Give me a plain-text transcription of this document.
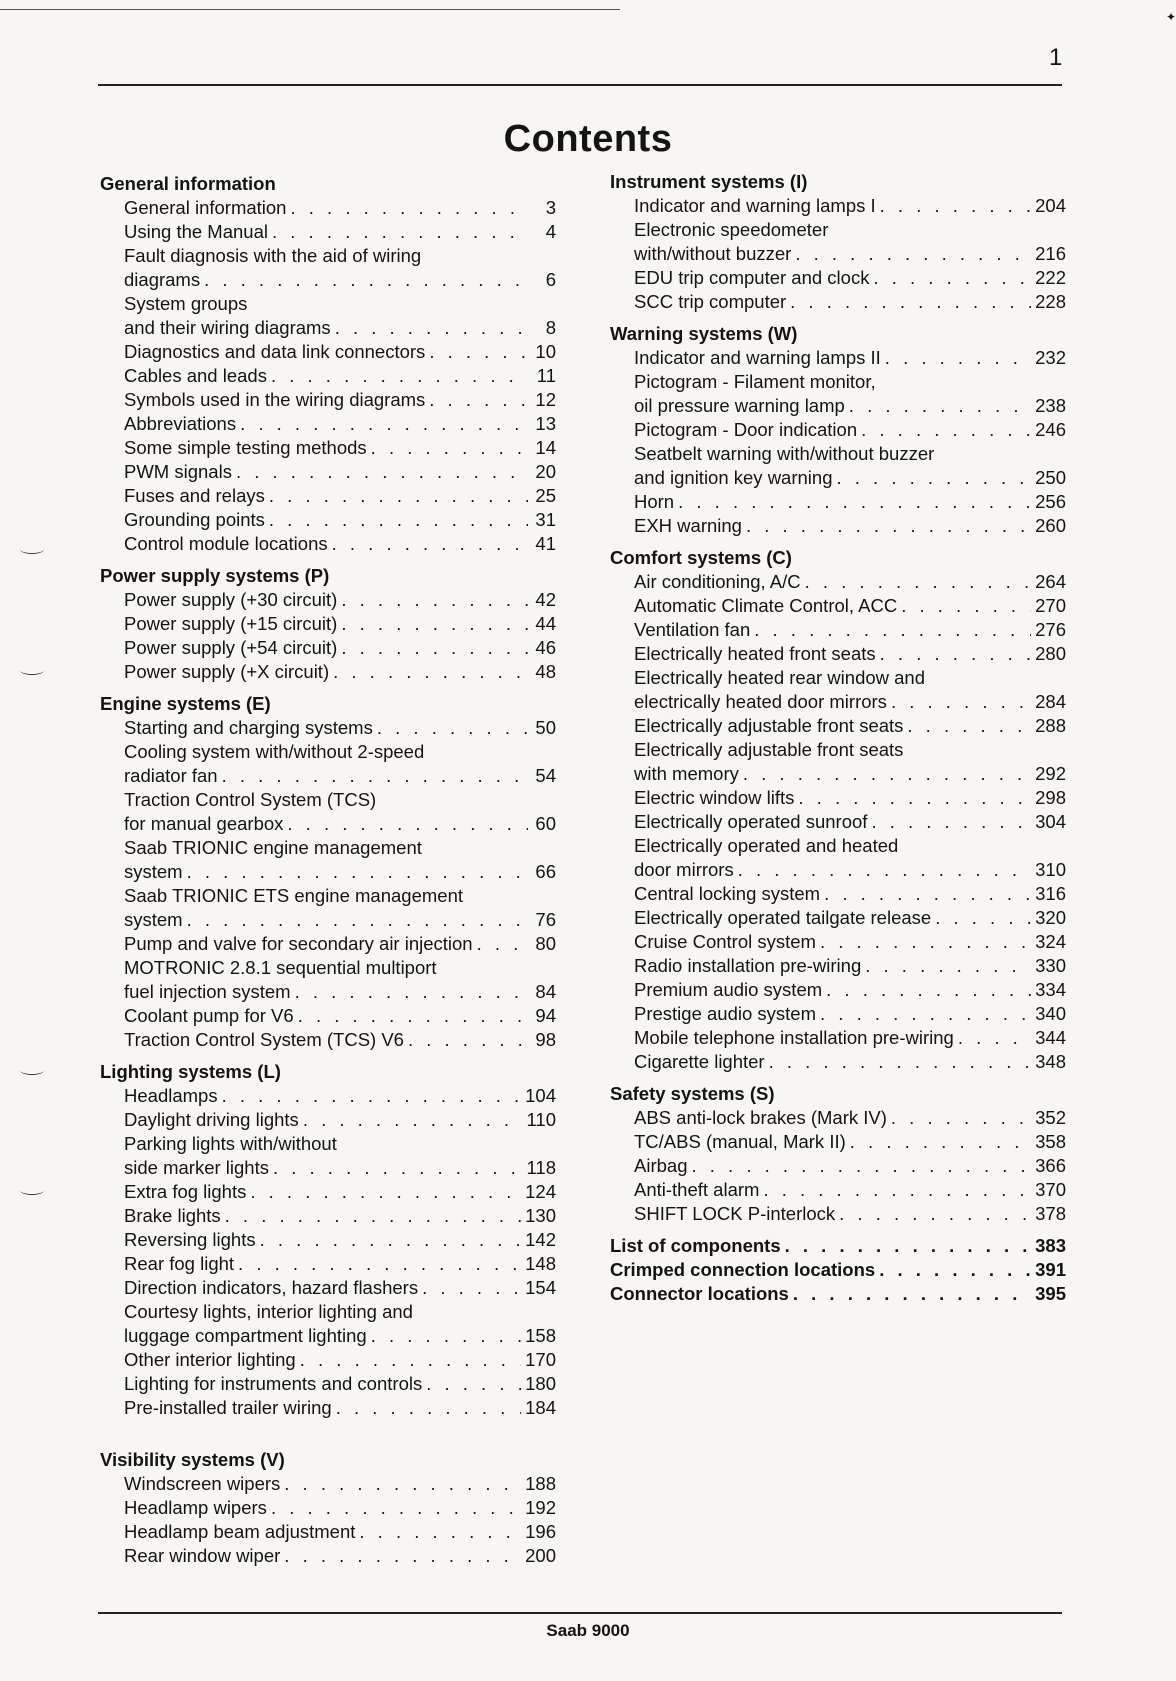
✦
1
Contents
General information
General information . . .	3
Using the Manual . . .	4
Fault diagnosis with the aid of wiring
diagrams . . .	6
System groups
and their wiring diagrams . . .	8
Diagnostics and data link connectors . . .	10
Cables and leads . . .	11
Symbols used in the wiring diagrams . . .	12
Abbreviations . . .	13
Some simple testing methods . . .	14
PWM signals . . .	20
Fuses and relays . . .	25
Grounding points . . .	31
Control module locations . . .	41
Power supply systems (P)
Power supply (+30 circuit) . . .	42
Power supply (+15 circuit) . . .	44
Power supply (+54 circuit) . . .	46
Power supply (+X circuit) . . .	48
Engine systems (E)
Starting and charging systems . . .	50
Cooling system with/without 2-speed
radiator fan . . .	54
Traction Control System (TCS)
for manual gearbox . . .	60
Saab TRIONIC engine management
system . . .	66
Saab TRIONIC ETS engine management
system . . .	76
Pump and valve for secondary air injection . . .	80
MOTRONIC 2.8.1 sequential multiport
fuel injection system . . .	84
Coolant pump for V6 . . .	94
Traction Control System (TCS) V6 . . .	98
Lighting systems (L)
Headlamps . . .	104
Daylight driving lights . . .	110
Parking lights with/without
side marker lights . . .	118
Extra fog lights . . .	124
Brake lights . . .	130
Reversing lights . . .	142
Rear fog light . . .	148
Direction indicators, hazard flashers . . .	154
Courtesy lights, interior lighting and
luggage compartment lighting . . .	158
Other interior lighting . . .	170
Lighting for instruments and controls . . .	180
Pre-installed trailer wiring . . .	184
Visibility systems (V)
Windscreen wipers . . .	188
Headlamp wipers . . .	192
Headlamp beam adjustment . . .	196
Rear window wiper . . .	200
Instrument systems (I)
Indicator and warning lamps I . . .	204
Electronic speedometer
with/without buzzer . . .	216
EDU trip computer and clock . . .	222
SCC trip computer . . .	228
Warning systems (W)
Indicator and warning lamps II . . .	232
Pictogram - Filament monitor,
oil pressure warning lamp . . .	238
Pictogram - Door indication . . .	246
Seatbelt warning with/without buzzer
and ignition key warning . . .	250
Horn . . .	256
EXH warning . . .	260
Comfort systems (C)
Air conditioning, A/C . . .	264
Automatic Climate Control, ACC . . .	270
Ventilation fan . . .	276
Electrically heated front seats . . .	280
Electrically heated rear window and
electrically heated door mirrors . . .	284
Electrically adjustable front seats . . .	288
Electrically adjustable front seats
with memory . . .	292
Electric window lifts . . .	298
Electrically operated sunroof . . .	304
Electrically operated and heated
door mirrors . . .	310
Central locking system . . .	316
Electrically operated tailgate release . . .	320
Cruise Control system . . .	324
Radio installation pre-wiring . . .	330
Premium audio system . . .	334
Prestige audio system . . .	340
Mobile telephone installation pre-wiring . . .	344
Cigarette lighter . . .	348
Safety systems (S)
ABS anti-lock brakes (Mark IV) . . .	352
TC/ABS (manual, Mark II) . . .	358
Airbag . . .	366
Anti-theft alarm . . .	370
SHIFT LOCK P-interlock . . .	378
List of components . . .	383
Crimped connection locations . . .	391
Connector locations . . .	395
Saab 9000
